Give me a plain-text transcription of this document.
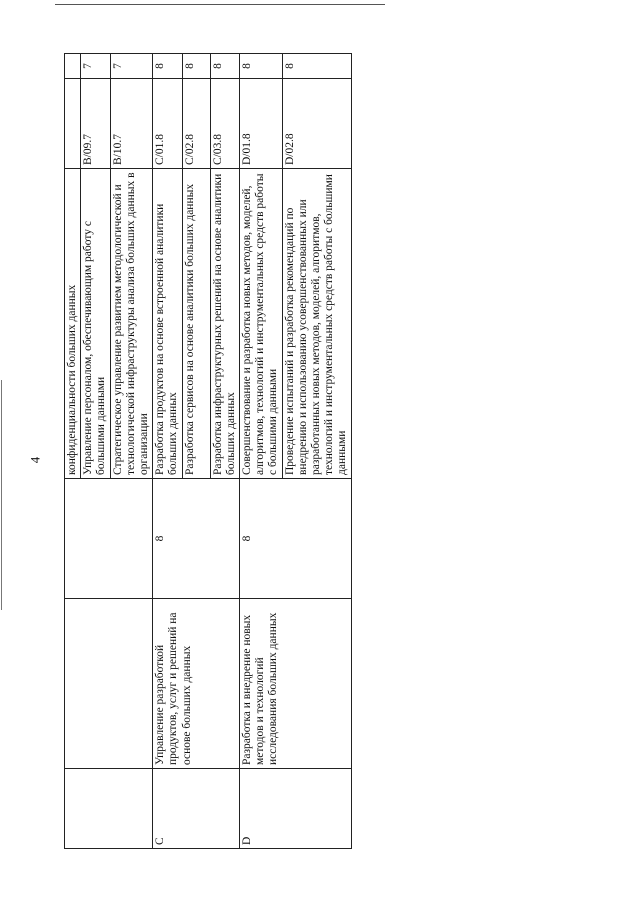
4
			конфиденциальности больших данных		
			Управление персоналом, обеспечивающим работу с большими данными	B/09.7	7
			Стратегическое управление развитием методологической и технологической инфраструктуры анализа больших данных в организации	B/10.7	7
C	Управление разработкой продуктов, услуг и решений на основе больших данных	8	Разработка продуктов на основе встроенной аналитики больших данных	C/01.8	8
			Разработка сервисов на основе аналитики больших данных	C/02.8	8
			Разработка инфраструктурных решений на основе аналитики больших данных	C/03.8	8
D	Разработка и внедрение новых методов и технологий исследования больших данных	8	Совершенствование и разработка новых методов, моделей, алгоритмов, технологий и инструментальных средств работы с большими данными	D/01.8	8
			Проведение испытаний и разработка рекомендаций по внедрению и использованию усовершенствованных или разработанных новых методов, моделей, алгоритмов, технологий и инструментальных средств работы с большими данными	D/02.8	8
